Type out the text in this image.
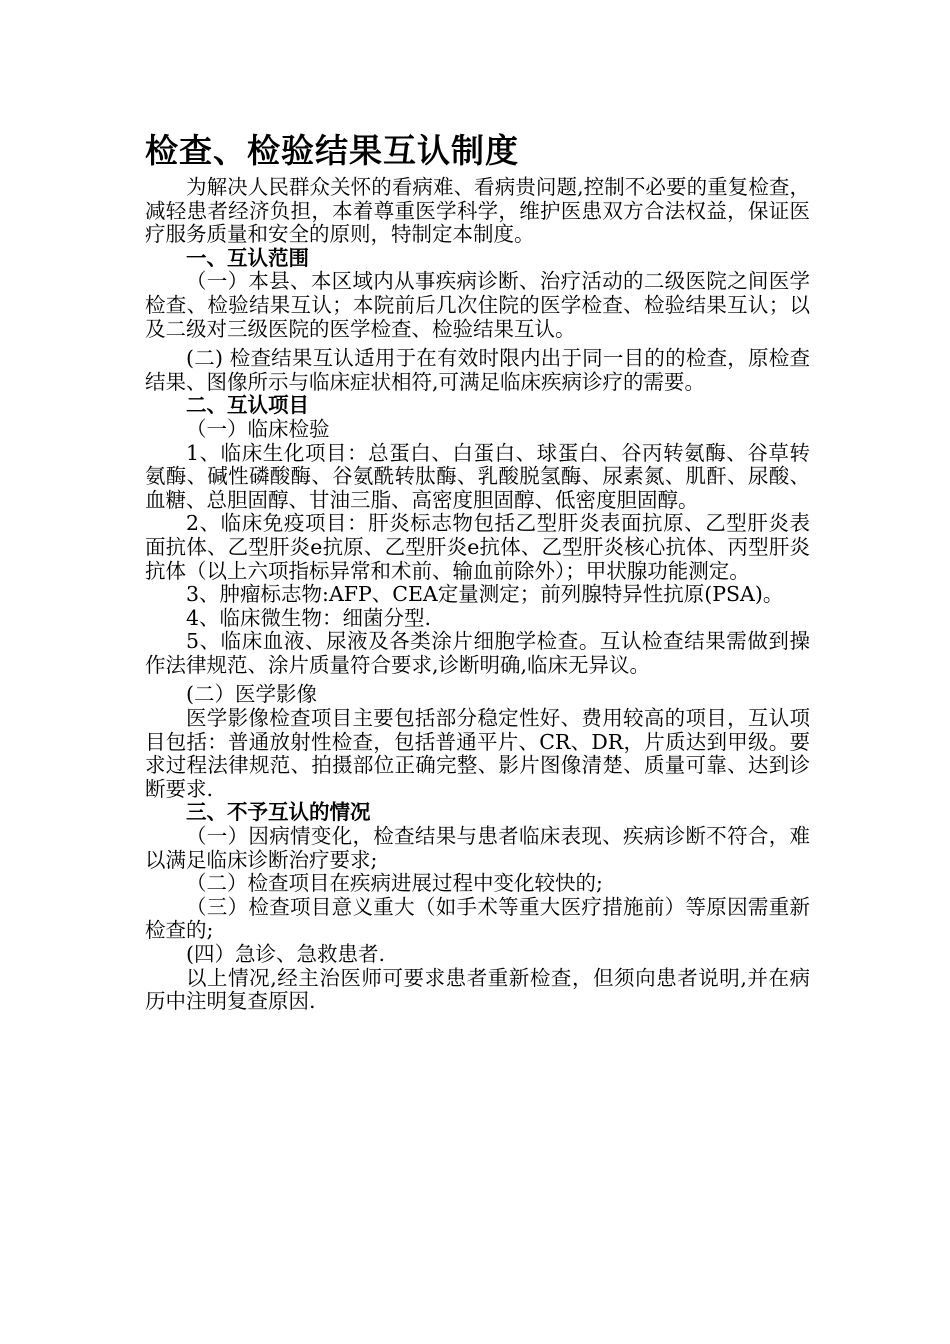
检查、检验结果互认制度

为解决人民群众关怀的看病难、看病贵问题,控制不必要的重复检查，减轻患者经济负担，本着尊重医学科学，维护医患双方合法权益，保证医疗服务质量和安全的原则，特制定本制度。

一、互认范围

（一）本县、本区域内从事疾病诊断、治疗活动的二级医院之间医学检查、检验结果互认；本院前后几次住院的医学检查、检验结果互认；以及二级对三级医院的医学检查、检验结果互认。

(二) 检查结果互认适用于在有效时限内出于同一目的的检查，原检查结果、图像所示与临床症状相符,可满足临床疾病诊疗的需要。

二、互认项目

（一）临床检验

1、临床生化项目：总蛋白、白蛋白、球蛋白、谷丙转氨酶、谷草转氨酶、碱性磷酸酶、谷氨酰转肽酶、乳酸脱氢酶、尿素氮、肌酐、尿酸、血糖、总胆固醇、甘油三脂、高密度胆固醇、低密度胆固醇。

2、临床免疫项目：肝炎标志物包括乙型肝炎表面抗原、乙型肝炎表面抗体、乙型肝炎e抗原、乙型肝炎e抗体、乙型肝炎核心抗体、丙型肝炎抗体（以上六项指标异常和术前、输血前除外）；甲状腺功能测定。

3、肿瘤标志物:AFP、CEA定量测定；前列腺特异性抗原(PSA)。

4、临床微生物：细菌分型.

5、临床血液、尿液及各类涂片细胞学检查。互认检查结果需做到操作法律规范、涂片质量符合要求,诊断明确,临床无异议。

(二）医学影像

医学影像检查项目主要包括部分稳定性好、费用较高的项目，互认项目包括：普通放射性检查，包括普通平片、CR、DR，片质达到甲级。要求过程法律规范、拍摄部位正确完整、影片图像清楚、质量可靠、达到诊断要求.

三、不予互认的情况

（一）因病情变化，检查结果与患者临床表现、疾病诊断不符合，难以满足临床诊断治疗要求;

（二）检查项目在疾病进展过程中变化较快的;

（三）检查项目意义重大（如手术等重大医疗措施前）等原因需重新检查的;

(四）急诊、急救患者.

以上情况,经主治医师可要求患者重新检查，但须向患者说明,并在病历中注明复查原因.
